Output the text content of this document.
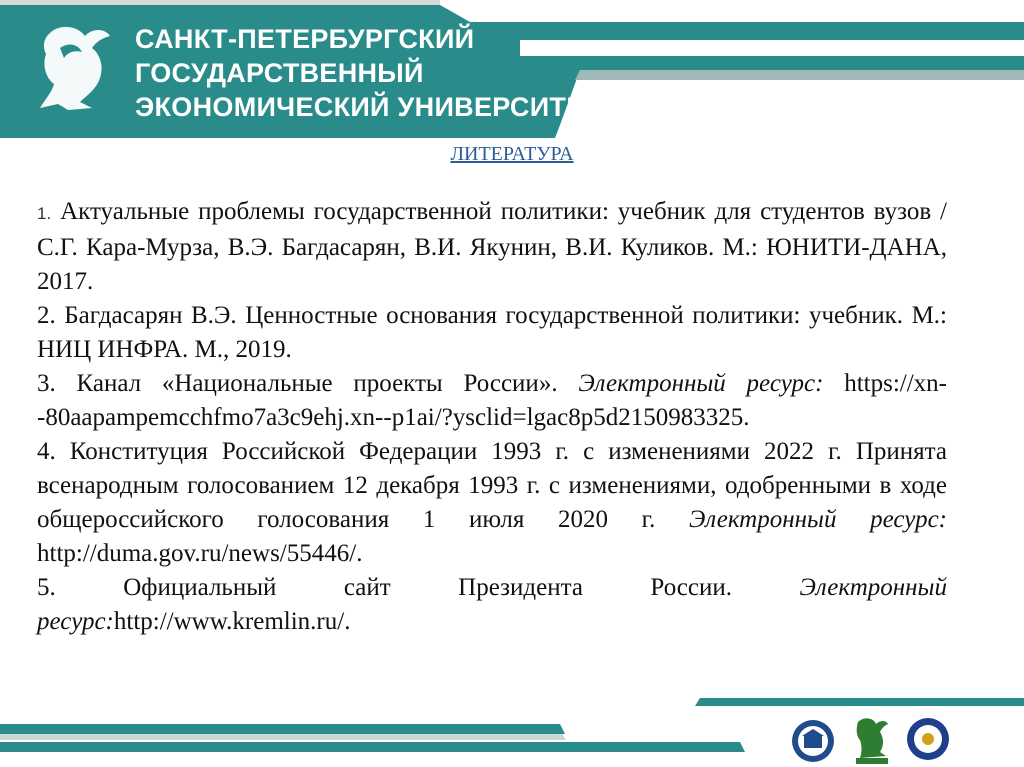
САНКТ-ПЕТЕРБУРГСКИЙ
ГОСУДАРСТВЕННЫЙ
ЭКОНОМИЧЕСКИЙ УНИВЕРСИТЕТ
ЛИТЕРАТУРА

1. Актуальные проблемы государственной политики: учебник для студентов вузов / С.Г. Кара-Мурза, В.Э. Багдасарян, В.И. Якунин, В.И. Куликов. М.: ЮНИТИ-ДАНА, 2017.

2. Багдасарян В.Э. Ценностные основания государственной политики: учебник. М.: НИЦ ИНФРА. М., 2019.

3. Канал «Национальные проекты России». Электронный ресурс: https://xn--80aapampemcchfmo7a3c9ehj.xn--p1ai/?ysclid=lgac8p5d2150983325.

4. Конституция Российской Федерации 1993 г. с изменениями 2022 г. Принята всенародным голосованием 12 декабря 1993 г. с изменениями, одобренными в ходе общероссийского голосования 1 июля 2020 г. Электронный ресурс: http://duma.gov.ru/news/55446/.

5. Официальный сайт Президента России. Электронный ресурс:http://www.kremlin.ru/.
